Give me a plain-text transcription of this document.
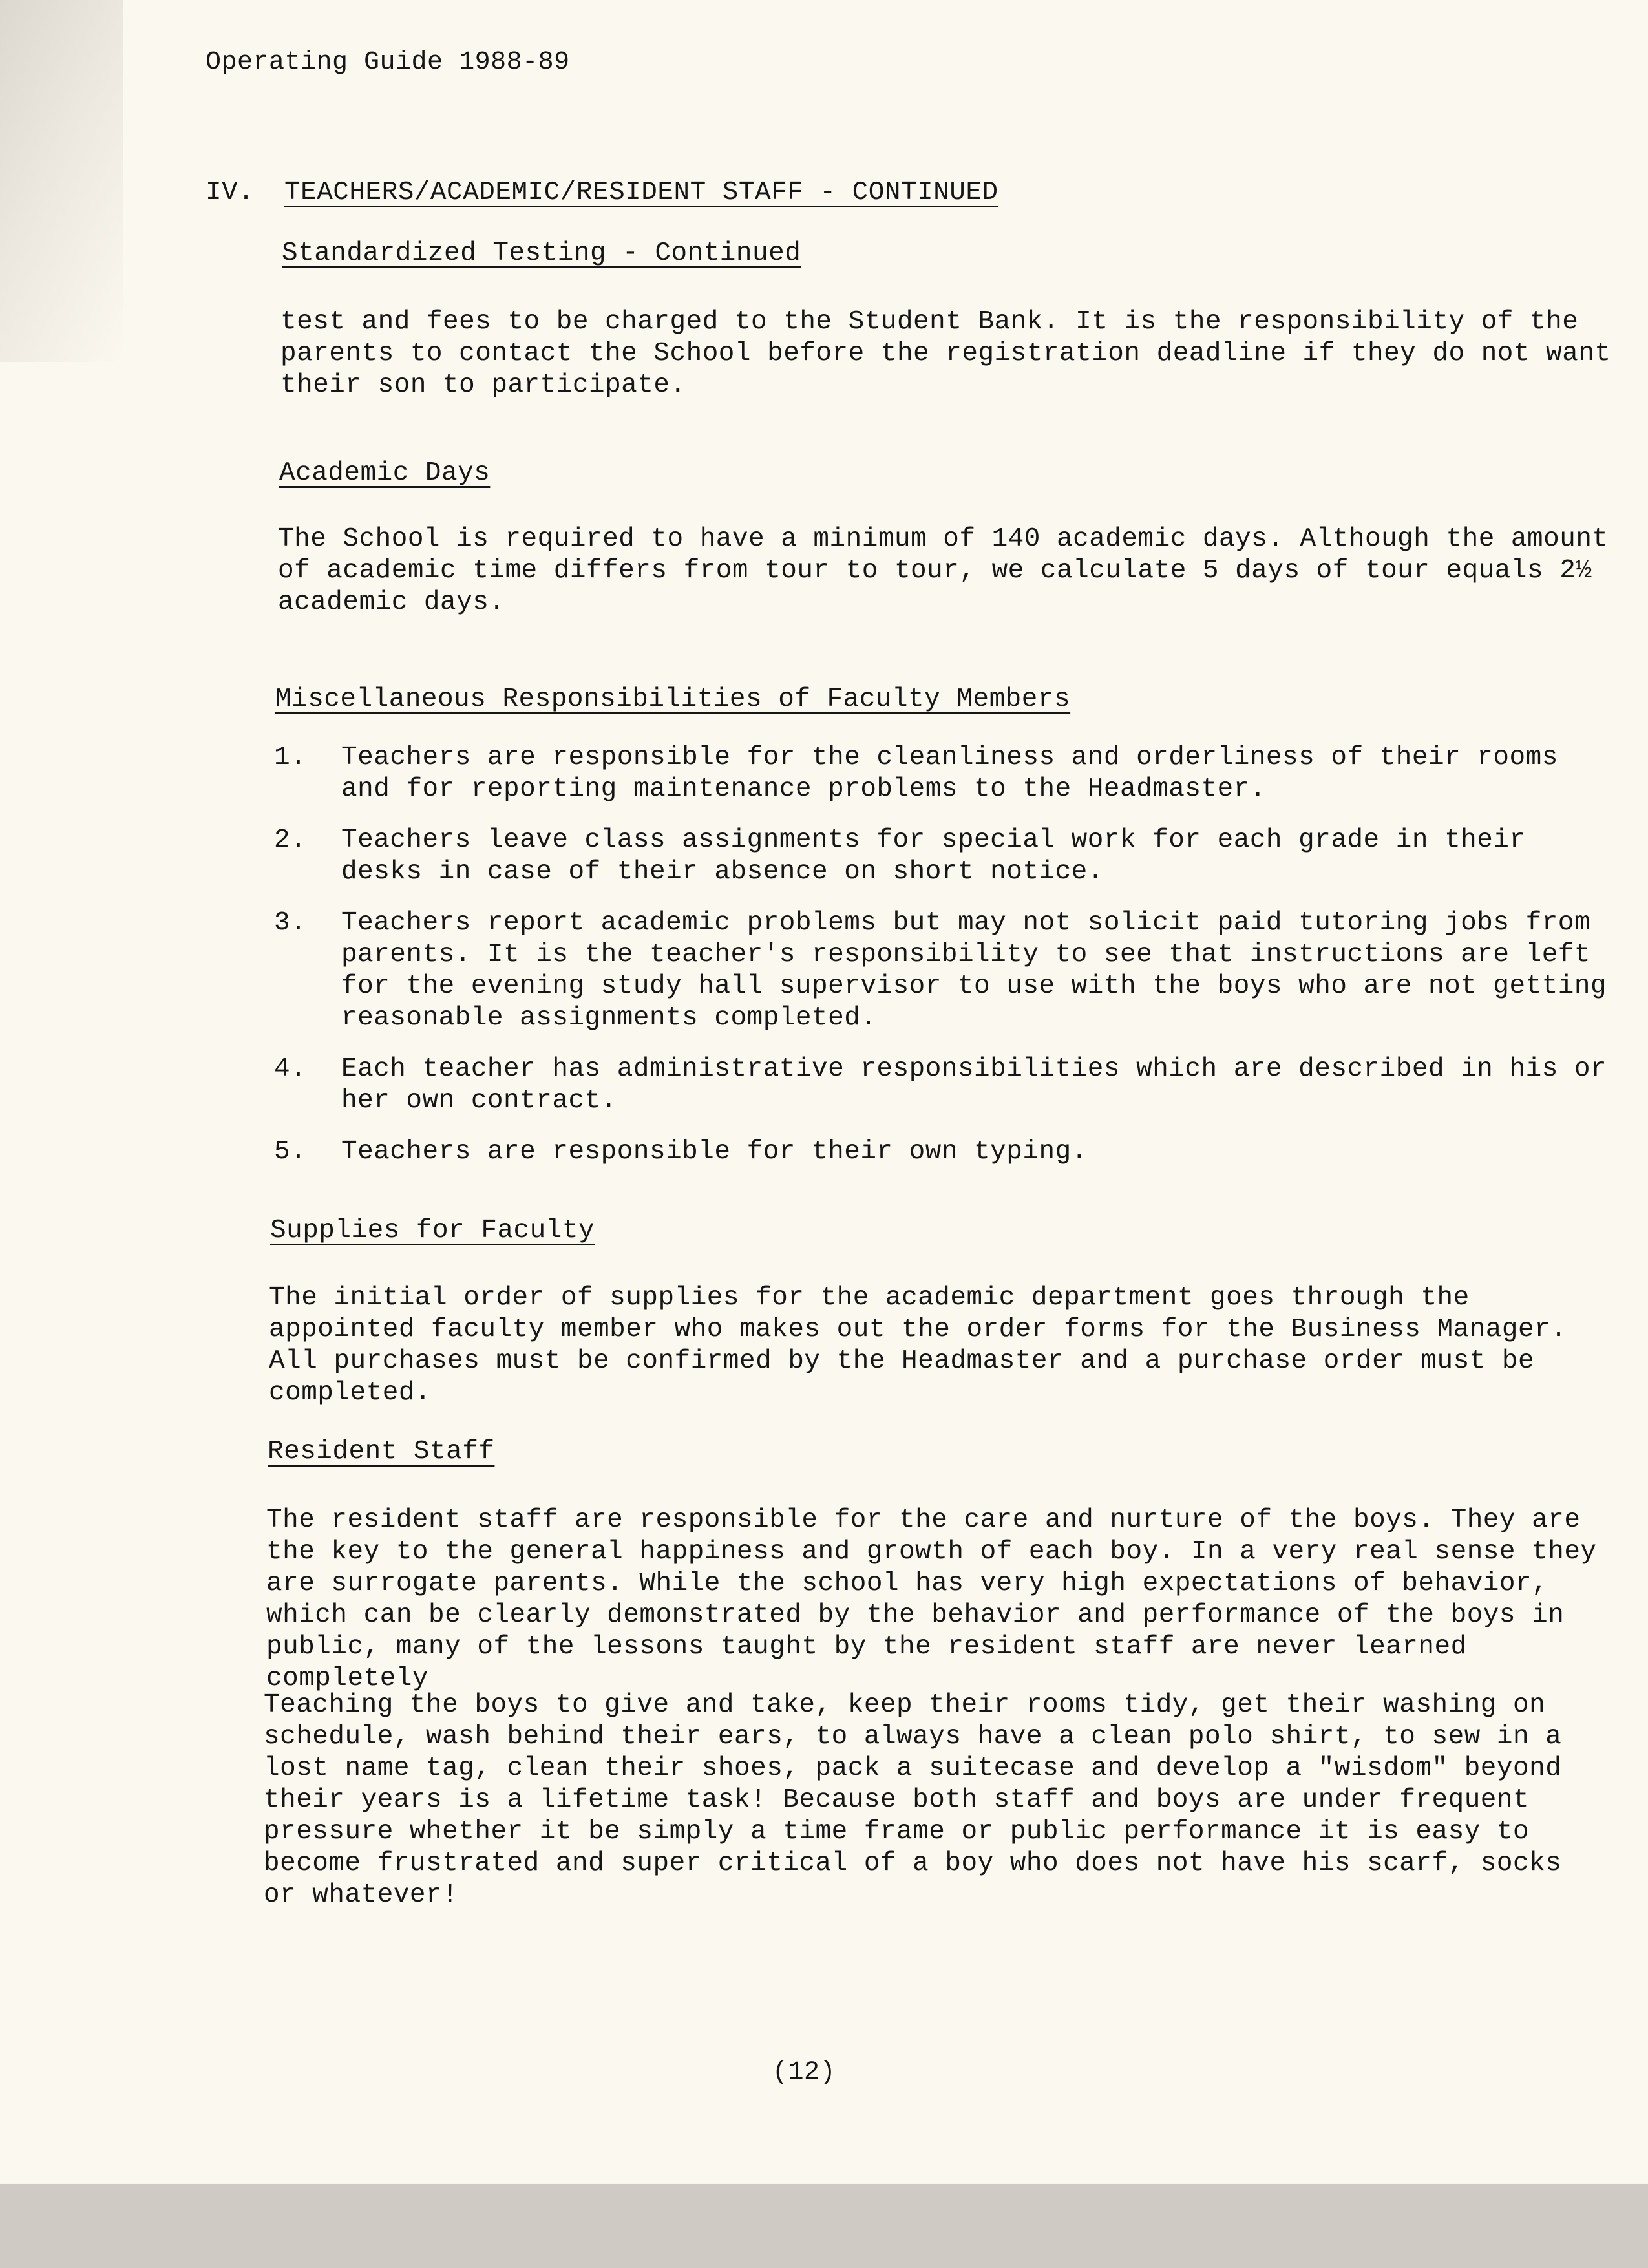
Operating Guide 1988-89
IV. TEACHERS/ACADEMIC/RESIDENT STAFF - CONTINUED
Standardized Testing - Continued

test and fees to be charged to the Student Bank. It is the responsibility of the parents to contact the School before the registration deadline if they do not want their son to participate.

Academic Days

The School is required to have a minimum of 140 academic days. Although the amount of academic time differs from tour to tour, we calculate 5 days of tour equals 2½ academic days.

Miscellaneous Responsibilities of Faculty Members
1. Teachers are responsible for the cleanliness and orderliness of their rooms and for reporting maintenance problems to the Headmaster.
2. Teachers leave class assignments for special work for each grade in their desks in case of their absence on short notice.
3. Teachers report academic problems but may not solicit paid tutoring jobs from parents. It is the teacher's responsibility to see that instructions are left for the evening study hall supervisor to use with the boys who are not getting reasonable assignments completed.
4. Each teacher has administrative responsibilities which are described in his or her own contract.
5. Teachers are responsible for their own typing.
Supplies for Faculty

The initial order of supplies for the academic department goes through the appointed faculty member who makes out the order forms for the Business Manager. All purchases must be confirmed by the Headmaster and a purchase order must be completed.

Resident Staff

The resident staff are responsible for the care and nurture of the boys. They are the key to the general happiness and growth of each boy. In a very real sense they are surrogate parents. While the school has very high expectations of behavior, which can be clearly demonstrated by the behavior and performance of the boys in public, many of the lessons taught by the resident staff are never learned completely

Teaching the boys to give and take, keep their rooms tidy, get their washing on schedule, wash behind their ears, to always have a clean polo shirt, to sew in a lost name tag, clean their shoes, pack a suitecase and develop a "wisdom" beyond their years is a lifetime task! Because both staff and boys are under frequent pressure whether it be simply a time frame or public performance it is easy to become frustrated and super critical of a boy who does not have his scarf, socks or whatever!

(12)
